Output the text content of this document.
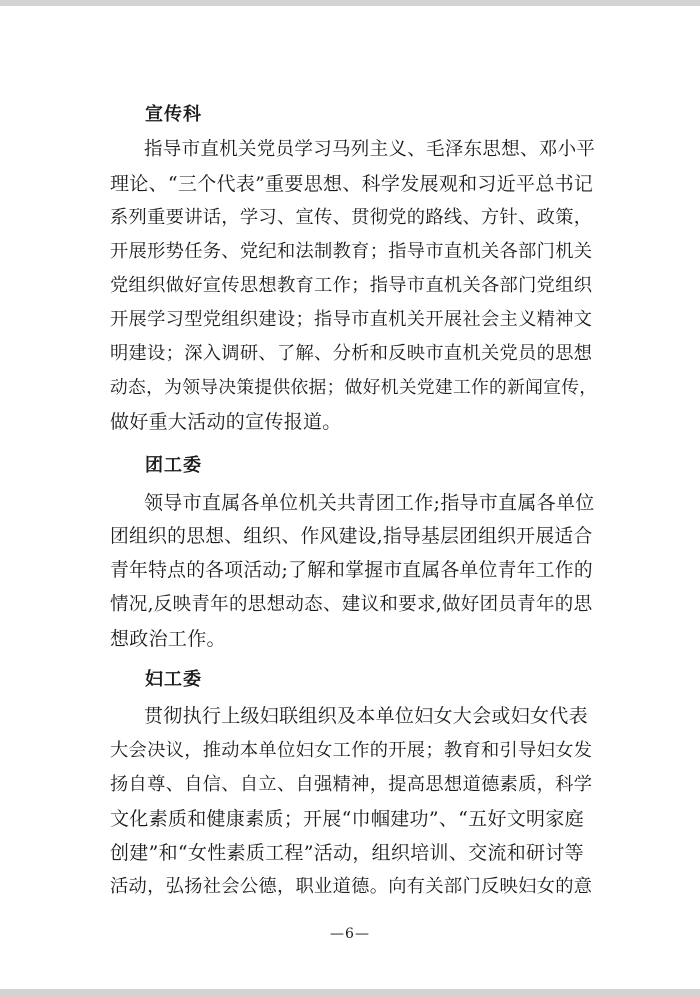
宣传科
指导市直机关党员学习马列主义、毛泽东思想、邓小平
理论、“三个代表”重要思想、科学发展观和习近平总书记
系列重要讲话，学习、宣传、贯彻党的路线、方针、政策，
开展形势任务、党纪和法制教育；指导市直机关各部门机关
党组织做好宣传思想教育工作；指导市直机关各部门党组织
开展学习型党组织建设；指导市直机关开展社会主义精神文
明建设；深入调研、了解、分析和反映市直机关党员的思想
动态，为领导决策提供依据；做好机关党建工作的新闻宣传，
做好重大活动的宣传报道。
团工委
领导市直属各单位机关共青团工作;指导市直属各单位
团组织的思想、组织、作风建设,指导基层团组织开展适合
青年特点的各项活动;了解和掌握市直属各单位青年工作的
情况,反映青年的思想动态、建议和要求,做好团员青年的思
想政治工作。
妇工委
贯彻执行上级妇联组织及本单位妇女大会或妇女代表
大会决议，推动本单位妇女工作的开展；教育和引导妇女发
扬自尊、自信、自立、自强精神，提高思想道德素质，科学
文化素质和健康素质；开展“巾帼建功”、“五好文明家庭
创建”和“女性素质工程”活动，组织培训、交流和研讨等
活动，弘扬社会公德，职业道德。向有关部门反映妇女的意
—6—
